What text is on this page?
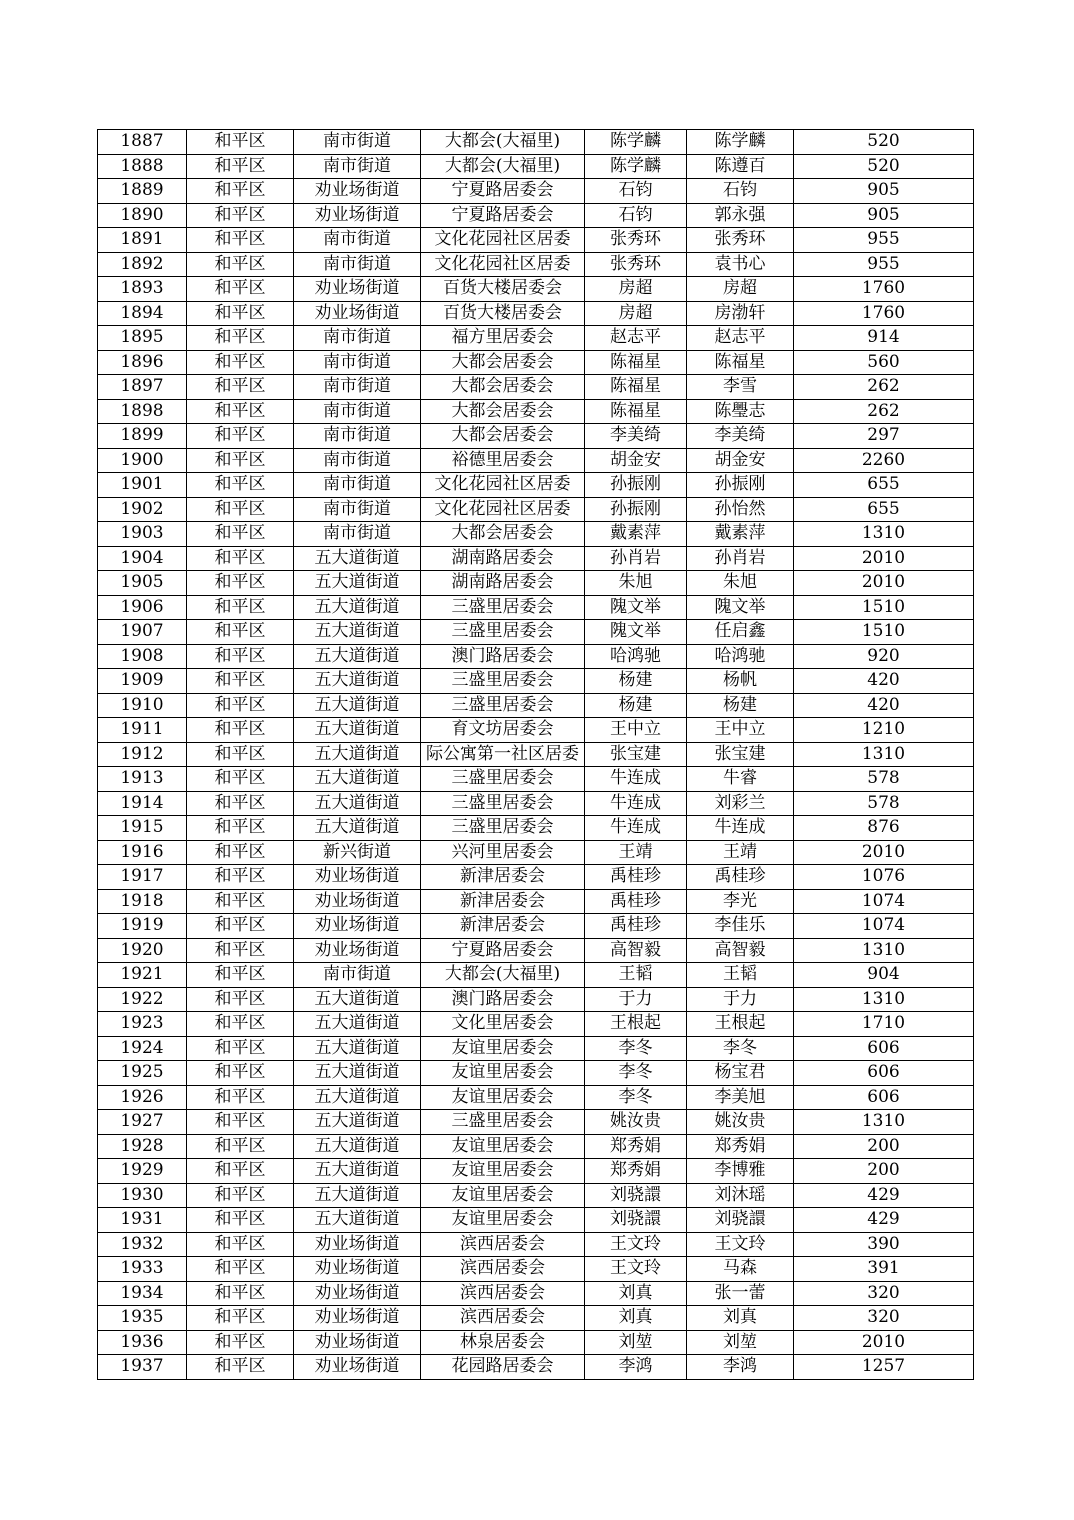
1887	和平区	南市街道	大都会(大福里)	陈学麟	陈学麟	520
1888	和平区	南市街道	大都会(大福里)	陈学麟	陈遵百	520
1889	和平区	劝业场街道	宁夏路居委会	石钧	石钧	905
1890	和平区	劝业场街道	宁夏路居委会	石钧	郭永强	905
1891	和平区	南市街道	文化花园社区居委	张秀环	张秀环	955
1892	和平区	南市街道	文化花园社区居委	张秀环	袁书心	955
1893	和平区	劝业场街道	百货大楼居委会	房超	房超	1760
1894	和平区	劝业场街道	百货大楼居委会	房超	房渤轩	1760
1895	和平区	南市街道	福方里居委会	赵志平	赵志平	914
1896	和平区	南市街道	大都会居委会	陈福星	陈福星	560
1897	和平区	南市街道	大都会居委会	陈福星	李雪	262
1898	和平区	南市街道	大都会居委会	陈福星	陈璺志	262
1899	和平区	南市街道	大都会居委会	李美绮	李美绮	297
1900	和平区	南市街道	裕德里居委会	胡金安	胡金安	2260
1901	和平区	南市街道	文化花园社区居委	孙振刚	孙振刚	655
1902	和平区	南市街道	文化花园社区居委	孙振刚	孙怡然	655
1903	和平区	南市街道	大都会居委会	戴素萍	戴素萍	1310
1904	和平区	五大道街道	湖南路居委会	孙肖岩	孙肖岩	2010
1905	和平区	五大道街道	湖南路居委会	朱旭	朱旭	2010
1906	和平区	五大道街道	三盛里居委会	隗文举	隗文举	1510
1907	和平区	五大道街道	三盛里居委会	隗文举	任启鑫	1510
1908	和平区	五大道街道	澳门路居委会	哈鸿驰	哈鸿驰	920
1909	和平区	五大道街道	三盛里居委会	杨建	杨帆	420
1910	和平区	五大道街道	三盛里居委会	杨建	杨建	420
1911	和平区	五大道街道	育文坊居委会	王中立	王中立	1210
1912	和平区	五大道街道	际公寓第一社区居委	张宝建	张宝建	1310
1913	和平区	五大道街道	三盛里居委会	牛连成	牛睿	578
1914	和平区	五大道街道	三盛里居委会	牛连成	刘彩兰	578
1915	和平区	五大道街道	三盛里居委会	牛连成	牛连成	876
1916	和平区	新兴街道	兴河里居委会	王靖	王靖	2010
1917	和平区	劝业场街道	新津居委会	禹桂珍	禹桂珍	1076
1918	和平区	劝业场街道	新津居委会	禹桂珍	李光	1074
1919	和平区	劝业场街道	新津居委会	禹桂珍	李佳乐	1074
1920	和平区	劝业场街道	宁夏路居委会	高智毅	高智毅	1310
1921	和平区	南市街道	大都会(大福里)	王韬	王韬	904
1922	和平区	五大道街道	澳门路居委会	于力	于力	1310
1923	和平区	五大道街道	文化里居委会	王根起	王根起	1710
1924	和平区	五大道街道	友谊里居委会	李冬	李冬	606
1925	和平区	五大道街道	友谊里居委会	李冬	杨宝君	606
1926	和平区	五大道街道	友谊里居委会	李冬	李美旭	606
1927	和平区	五大道街道	三盛里居委会	姚汝贵	姚汝贵	1310
1928	和平区	五大道街道	友谊里居委会	郑秀娟	郑秀娟	200
1929	和平区	五大道街道	友谊里居委会	郑秀娟	李博雅	200
1930	和平区	五大道街道	友谊里居委会	刘骁譞	刘沐瑶	429
1931	和平区	五大道街道	友谊里居委会	刘骁譞	刘骁譞	429
1932	和平区	劝业场街道	滨西居委会	王文玲	王文玲	390
1933	和平区	劝业场街道	滨西居委会	王文玲	马森	391
1934	和平区	劝业场街道	滨西居委会	刘真	张一蕾	320
1935	和平区	劝业场街道	滨西居委会	刘真	刘真	320
1936	和平区	劝业场街道	林泉居委会	刘堃	刘堃	2010
1937	和平区	劝业场街道	花园路居委会	李鸿	李鸿	1257
